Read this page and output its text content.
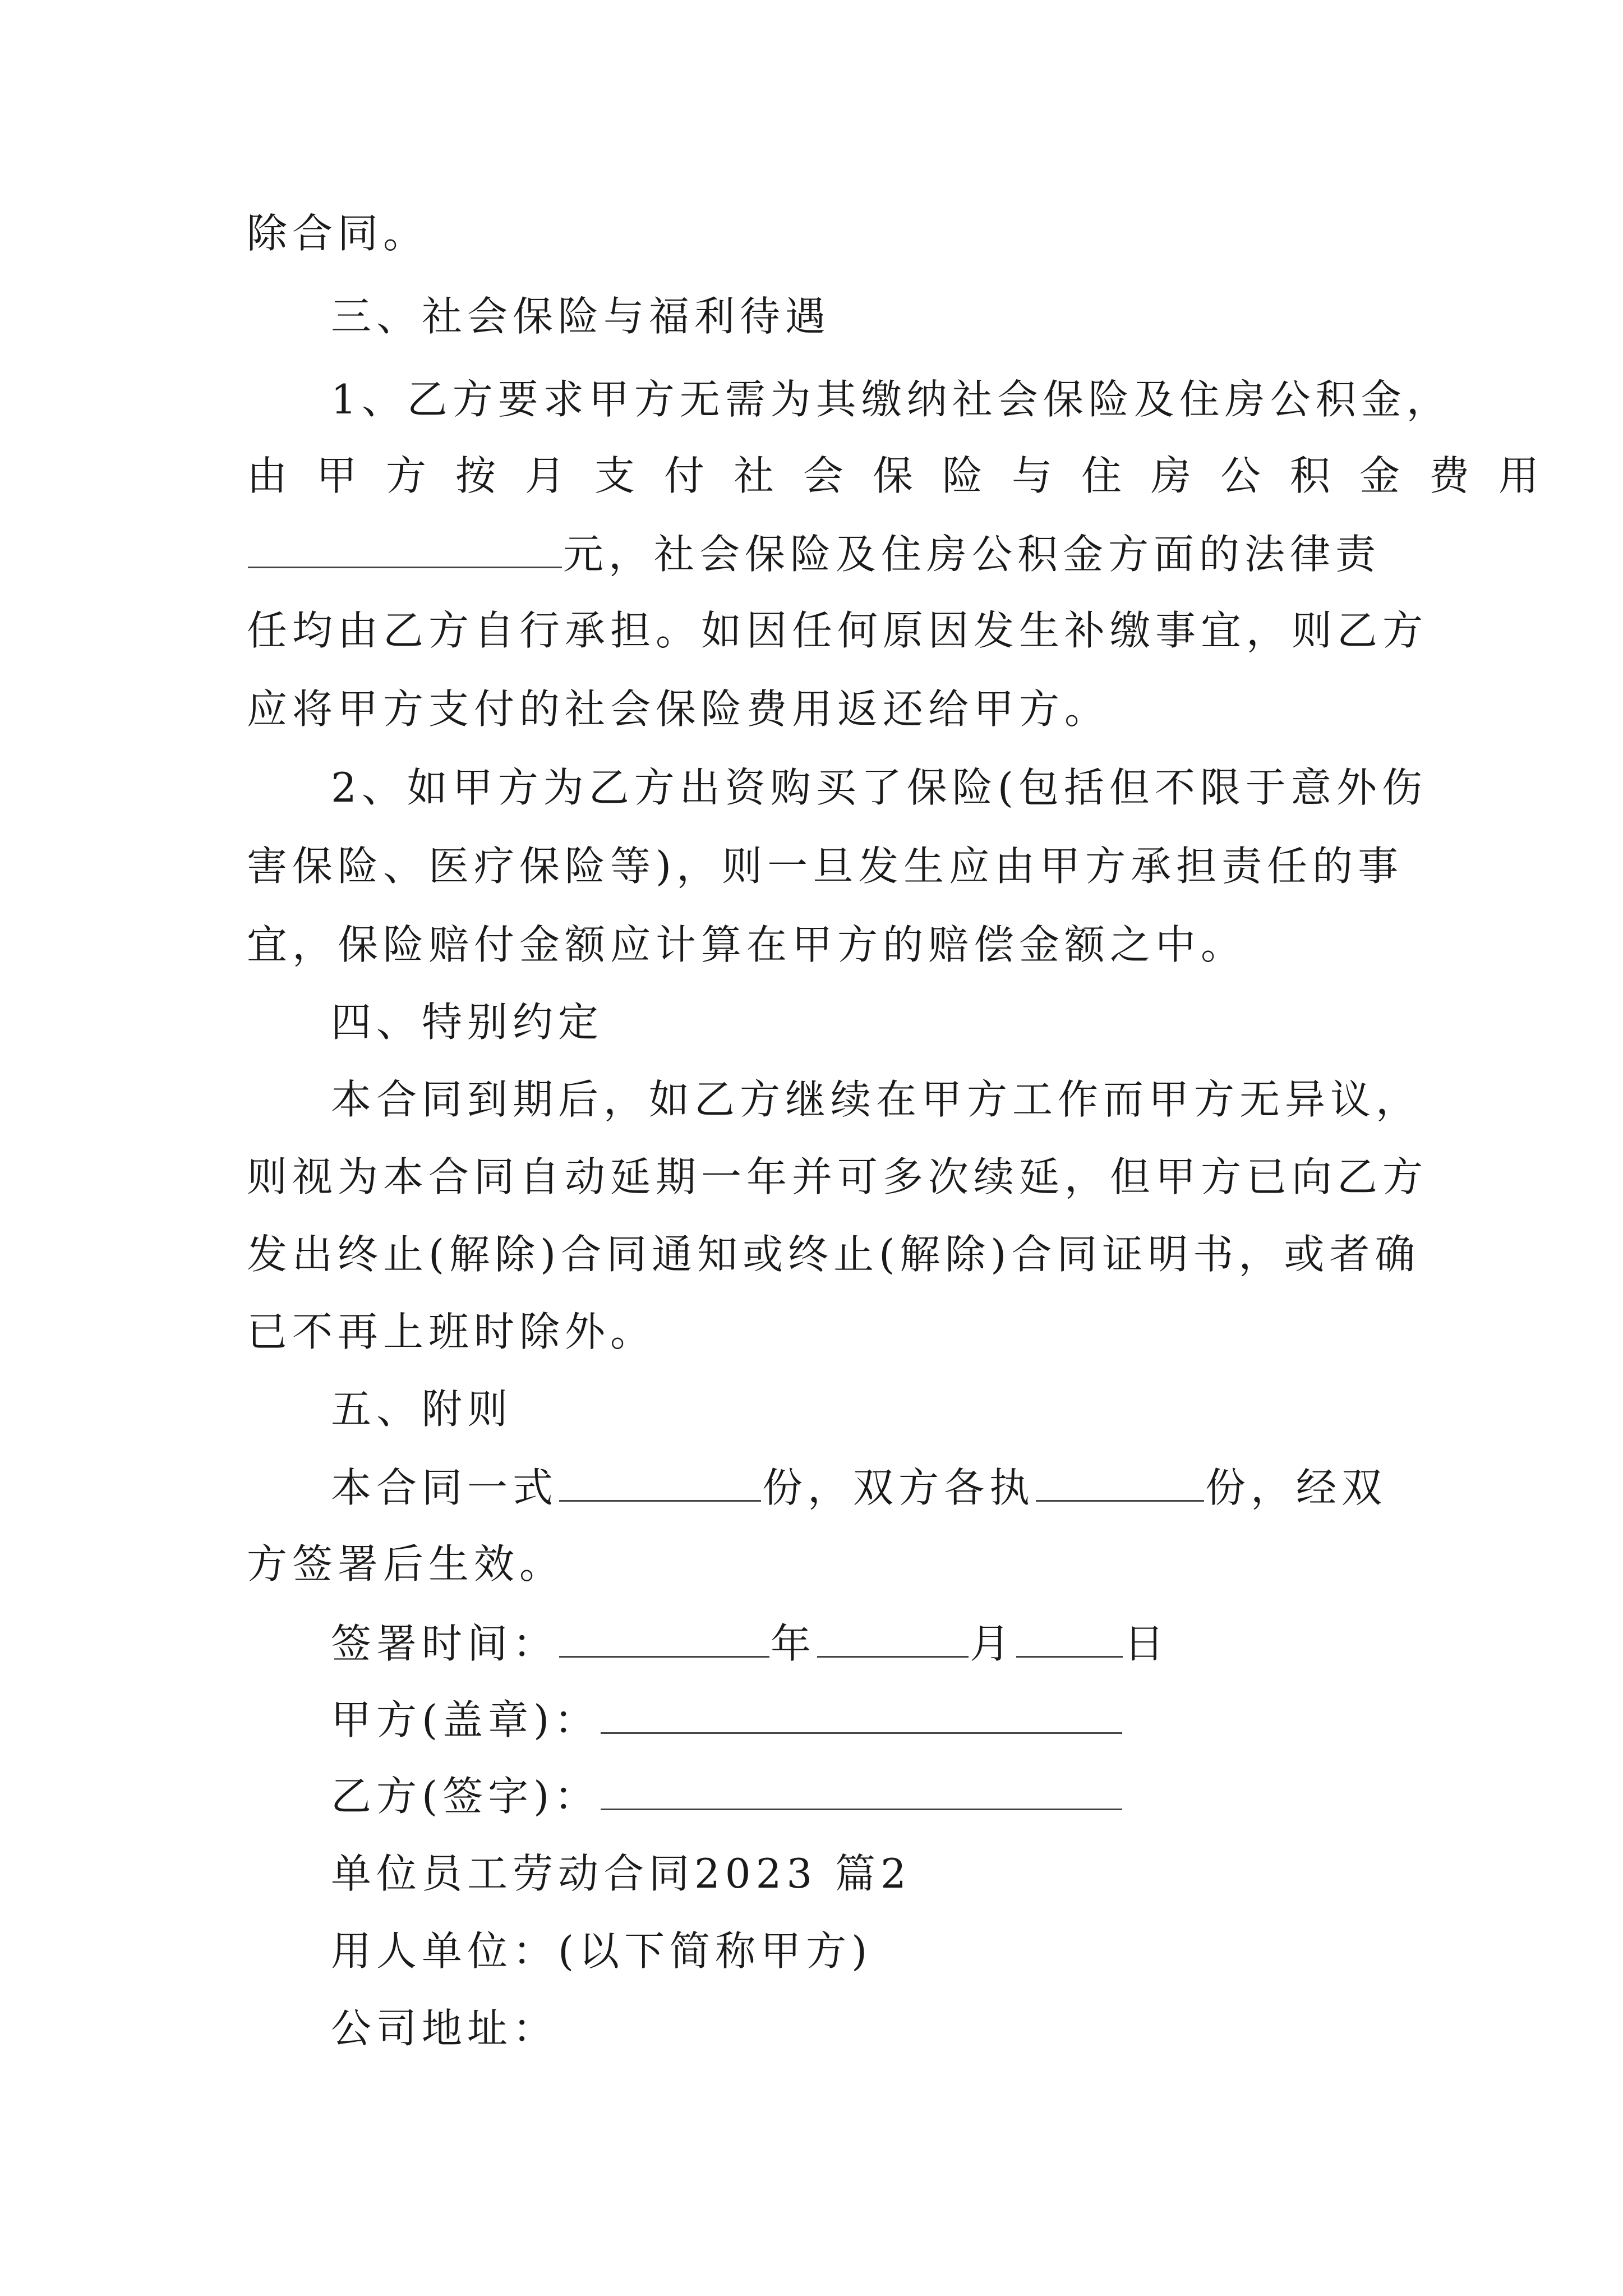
除合同。
三、社会保险与福利待遇
1、乙方要求甲方无需为其缴纳社会保险及住房公积金，
由甲方按月支付社会保险与住房公积金费用
元，社会保险及住房公积金方面的法律责
任均由乙方自行承担。如因任何原因发生补缴事宜，则乙方
应将甲方支付的社会保险费用返还给甲方。
2、如甲方为乙方出资购买了保险(包括但不限于意外伤
害保险、医疗保险等)，则一旦发生应由甲方承担责任的事
宜，保险赔付金额应计算在甲方的赔偿金额之中。
四、特别约定
本合同到期后，如乙方继续在甲方工作而甲方无异议，
则视为本合同自动延期一年并可多次续延，但甲方已向乙方
发出终止(解除)合同通知或终止(解除)合同证明书，或者确
已不再上班时除外。
五、附则
本合同一式	份，双方各执	份，经双
方签署后生效。
签署时间：	年	月	日
甲方(盖章)：
乙方(签字)：
单位员工劳动合同2023 篇2
用人单位：(以下简称甲方)
公司地址：
